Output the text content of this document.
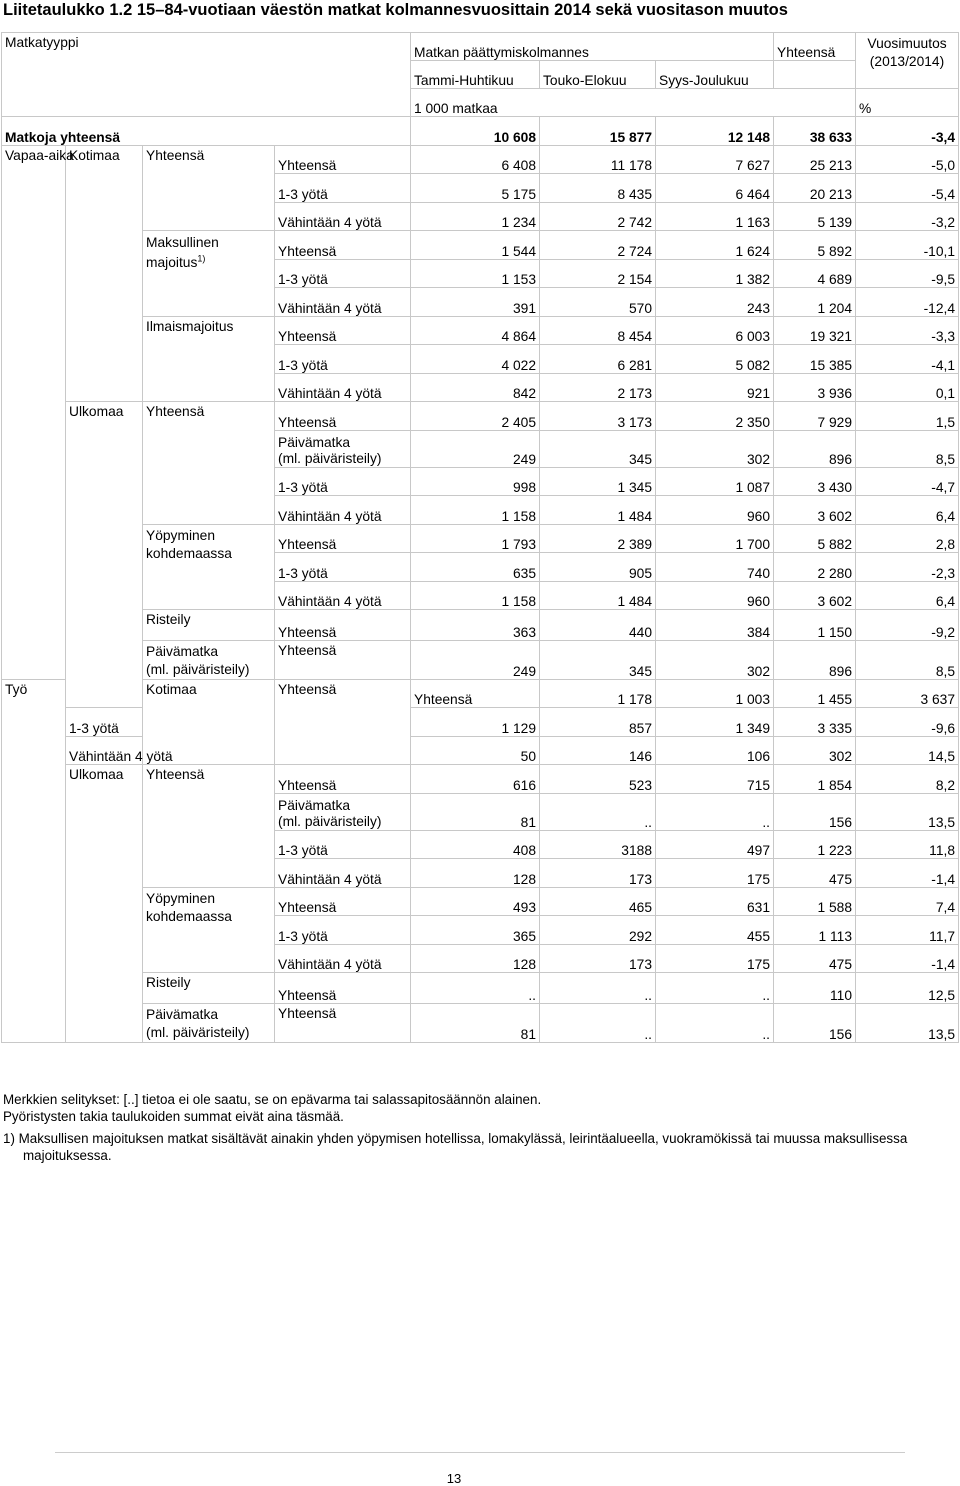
Liitetaulukko 1.2 15–84-vuotiaan väestön matkat kolmannesvuosittain 2014 sekä vuositason muutos
Matkatyyppi				Matkan päättymiskolmannes			Yhteensä	Vuosimuutos (2013/2014)	
				Tammi-Huhtikuu	Touko-Elokuu	Syys-Joulukuu			
				1 000 matkaa				%	
Matkoja yhteensä				10 608	15 877	12 148	38 633	-3,4	
Vapaa-aika	Kotimaa	Yhteensä	Yhteensä	6 408	11 178	7 627	25 213	-5,0	
			1-3 yötä	5 175	8 435	6 464	20 213	-5,4	
			Vähintään 4 yötä	1 234	2 742	1 163	5 139	-3,2	
		Maksullinen
majoitus$^{1)}$	Yhteensä	1 544	2 724	1 624	5 892	-10,1	
			1-3 yötä	1 153	2 154	1 382	4 689	-9,5	
			Vähintään 4 yötä	391	570	243	1 204	-12,4	
		Ilmaismajoitus	Yhteensä	4 864	8 454	6 003	19 321	-3,3	
			1-3 yötä	4 022	6 281	5 082	15 385	-4,1	
			Vähintään 4 yötä	842	2 173	921	3 936	0,1	
	Ulkomaa	Yhteensä	Yhteensä	2 405	3 173	2 350	7 929	1,5	
			Päivämatka
(ml. päiväristeily)	249	345	302	896	8,5	
			1-3 yötä	998	1 345	1 087	3 430	-4,7	
			Vähintään 4 yötä	1 158	1 484	960	3 602	6,4	
		Yöpyminen
kohdemaassa	Yhteensä	1 793	2 389	1 700	5 882	2,8	
			1-3 yötä	635	905	740	2 280	-2,3	
			Vähintään 4 yötä	1 158	1 484	960	3 602	6,4	
		Risteily	Yhteensä	363	440	384	1 150	-9,2	
		Päivämatka
(ml. päiväristeily)	Yhteensä	249	345	302	896	8,5	
Työ		Kotimaa	Yhteensä	Yhteensä	1 178	1 003	1 455	3 637	
	1-3 yötä			1 129	857	1 349	3 335	-9,6	
	Vähintään 4 yötä			50	146	106	302	14,5	
	Ulkomaa	Yhteensä	Yhteensä	616	523	715	1 854	8,2	
			Päivämatka
(ml. päiväristeily)	81	..	..	156	13,5	
			1-3 yötä	408	3188	497	1 223	11,8	
			Vähintään 4 yötä	128	173	175	475	-1,4	
		Yöpyminen
kohdemaassa	Yhteensä	493	465	631	1 588	7,4	
			1-3 yötä	365	292	455	1 113	11,7	
			Vähintään 4 yötä	128	173	175	475	-1,4	
		Risteily	Yhteensä	..	..	..	110	12,5	
		Päivämatka
(ml. päiväristeily)	Yhteensä	81	..	..	156	13,5	

Merkkien selitykset: [..] tietoa ei ole saatu, se on epävarma tai salassapitosäännön alainen.

Pyöristysten takia taulukoiden summat eivät aina täsmää.

1) Maksullisen majoituksen matkat sisältävät ainakin yhden yöpymisen hotellissa, lomakylässä, leirintäalueella, vuokramökissä tai muussa maksullisessa majoituksessa.

13
